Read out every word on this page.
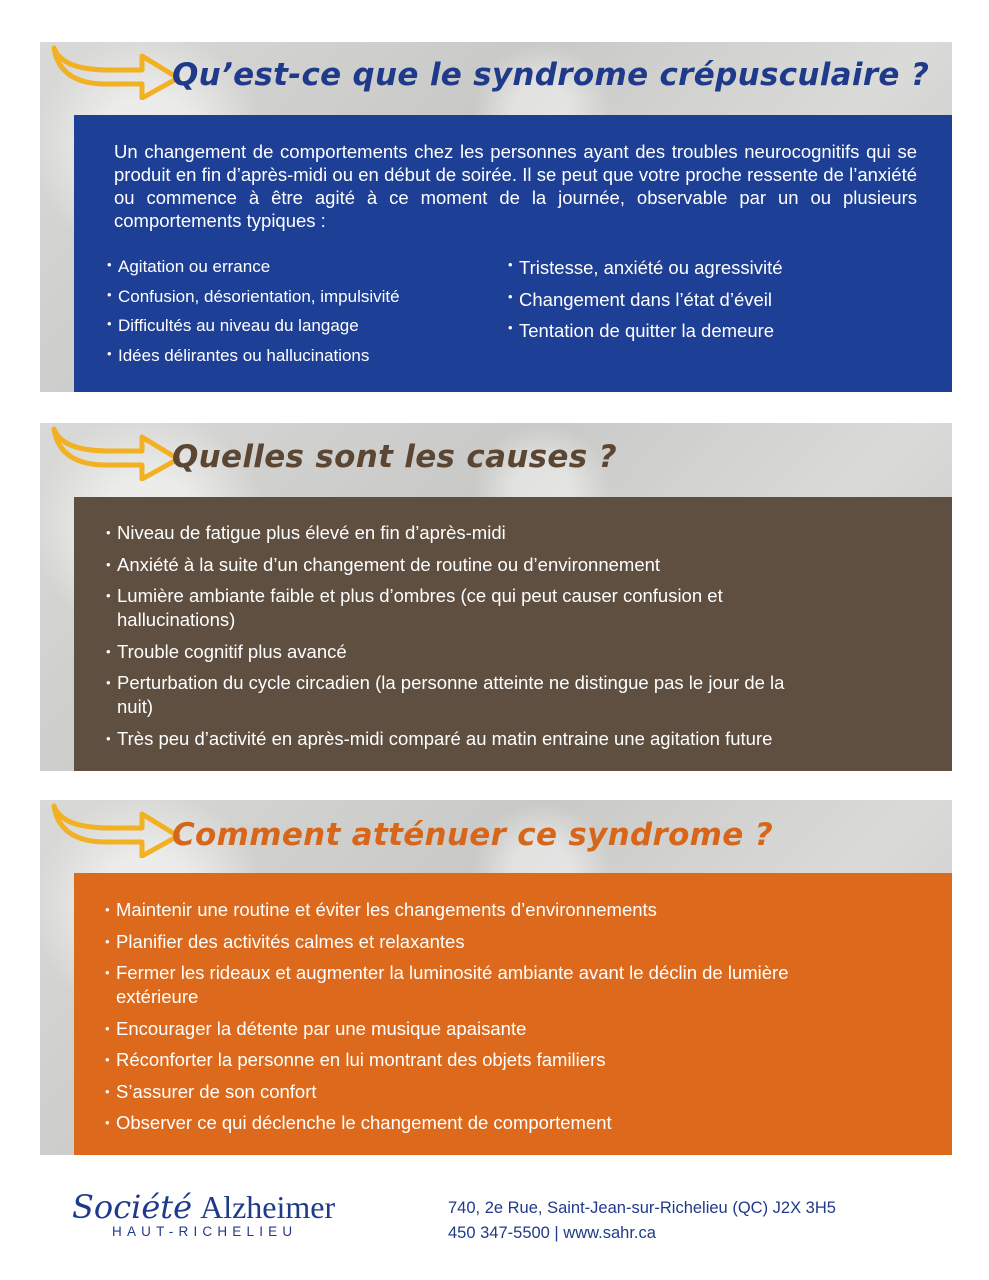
Qu’est-ce que le syndrome crépusculaire ?

Un changement de comportements chez les personnes ayant des troubles neurocognitifs qui se produit en fin d’après-midi ou en début de soirée. Il se peut que votre proche ressente de l’anxiété ou commence à être agité à ce moment de la journée, observable par un ou plusieurs comportements typiques :

• Agitation ou errance
• Confusion, désorientation, impulsivité
• Difficultés au niveau du langage
• Idées délirantes ou hallucinations
• Tristesse, anxiété ou agressivité
• Changement dans l’état d’éveil
• Tentation de quitter la demeure
Quelles sont les causes ?
• Niveau de fatigue plus élevé en fin d’après-midi
• Anxiété à la suite d’un changement de routine ou d’environnement
• Lumière ambiante faible et plus d’ombres (ce qui peut causer confusion et hallucinations)
• Trouble cognitif plus avancé
• Perturbation du cycle circadien (la personne atteinte ne distingue pas le jour de la nuit)
• Très peu d’activité en après-midi comparé au matin entraine une agitation future
Comment atténuer ce syndrome ?
• Maintenir une routine et éviter les changements d’environnements
• Planifier des activités calmes et relaxantes
• Fermer les rideaux et augmenter la luminosité ambiante avant le déclin de lumière extérieure
• Encourager la détente par une musique apaisante
• Réconforter la personne en lui montrant des objets familiers
• S’assurer de son confort
• Observer ce qui déclenche le changement de comportement
Société Alzheimer
HAUT-RICHELIEU
740, 2e Rue, Saint-Jean-sur-Richelieu (QC) J2X 3H5
450 347-5500 | www.sahr.ca
